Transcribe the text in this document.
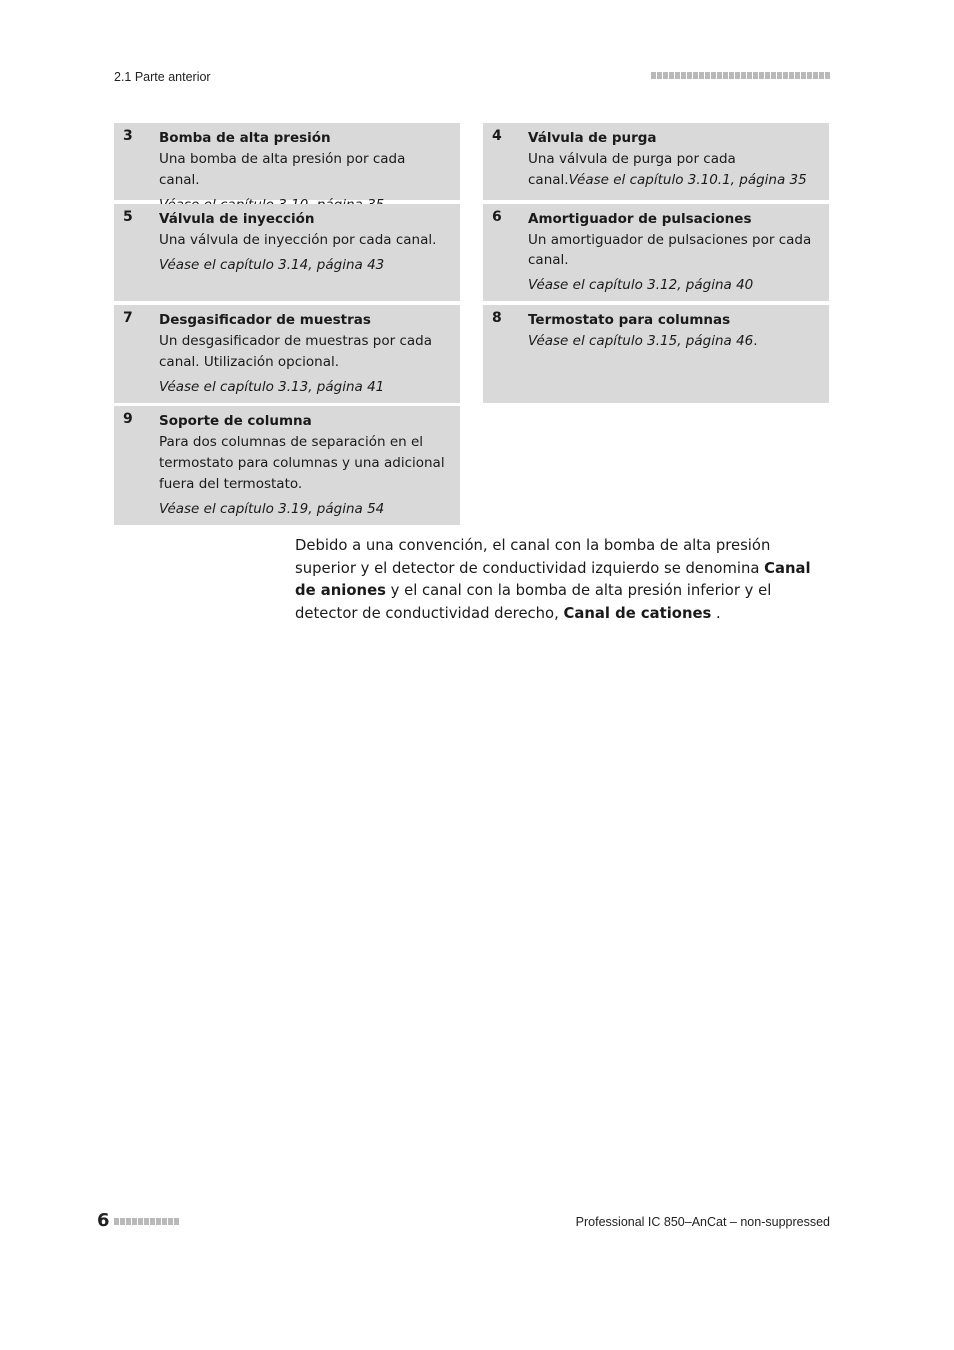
2.1 Parte anterior
3 Bomba de alta presión
Una bomba de alta presión por cada canal.
4 Válvula de purga
Una válvula de purga por cada canal.Véase el capítulo 3.10.1, página 35
5 Válvula de inyección
Una válvula de inyección por cada canal.
Véase el capítulo 3.14, página 43
6 Amortiguador de pulsaciones
Un amortiguador de pulsaciones por cada canal.
Véase el capítulo 3.12, página 40
7 Desgasificador de muestras
Un desgasificador de muestras por cada canal. Utilización opcional.
Véase el capítulo 3.13, página 41
8 Termostato para columnas
Véase el capítulo 3.15, página 46.
9 Soporte de columna
Para dos columnas de separación en el termostato para columnas y una adicional fuera del termostato.
Véase el capítulo 3.19, página 54
Debido a una convención, el canal con la bomba de alta presión superior y el detector de conductividad izquierdo se denomina Canal de aniones y el canal con la bomba de alta presión inferior y el detector de conductividad derecho, Canal de cationes .
6	Professional IC 850–AnCat – non-suppressed
